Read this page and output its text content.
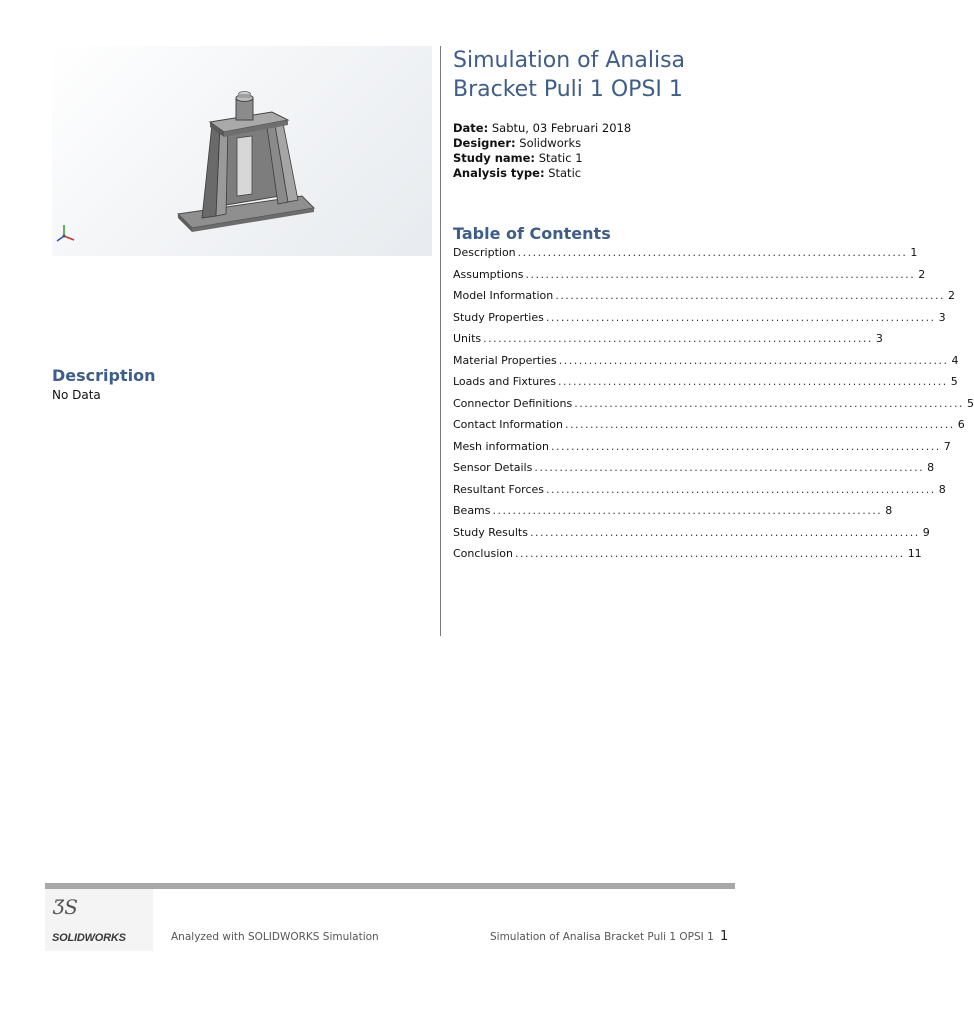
Simulation of Analisa Bracket Puli 1 OPSI 1
Date: Sabtu, 03 Februari 2018
Designer: Solidworks
Study name: Static 1
Analysis type: Static
Table of Contents
Description .............................................................................. 1
Assumptions .............................................................................. 2
Model Information .............................................................................. 2
Study Properties .............................................................................. 3
Units .............................................................................. 3
Material Properties .............................................................................. 4
Loads and Fixtures .............................................................................. 5
Connector Definitions .............................................................................. 5
Contact Information .............................................................................. 6
Mesh information .............................................................................. 7
Sensor Details .............................................................................. 8
Resultant Forces .............................................................................. 8
Beams .............................................................................. 8
Study Results .............................................................................. 9
Conclusion .............................................................................. 11
Description
No Data
ƷS
SOLIDWORKS	Analyzed with SOLIDWORKS Simulation	Simulation of Analisa Bracket Puli 1 OPSI 1 1
